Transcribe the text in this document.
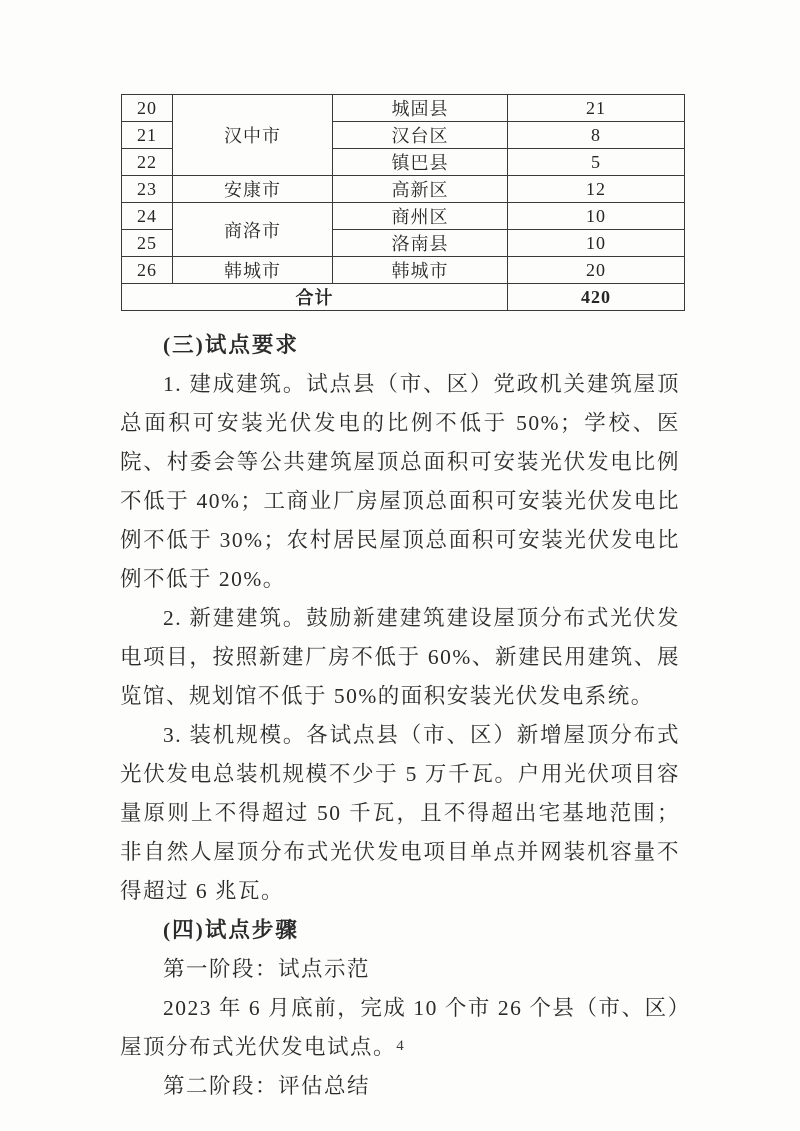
20	汉中市	城固县	21
21		汉台区	8
22		镇巴县	5
23	安康市	高新区	12
24	商洛市	商州区	10
25		洛南县	10
26	韩城市	韩城市	20
合计			420
(三)试点要求

1. 建成建筑。试点县（市、区）党政机关建筑屋顶总面积可安装光伏发电的比例不低于 50%；学校、医院、村委会等公共建筑屋顶总面积可安装光伏发电比例不低于 40%；工商业厂房屋顶总面积可安装光伏发电比例不低于 30%；农村居民屋顶总面积可安装光伏发电比例不低于 20%。

2. 新建建筑。鼓励新建建筑建设屋顶分布式光伏发电项目，按照新建厂房不低于 60%、新建民用建筑、展览馆、规划馆不低于 50%的面积安装光伏发电系统。

3. 装机规模。各试点县（市、区）新增屋顶分布式光伏发电总装机规模不少于 5 万千瓦。户用光伏项目容量原则上不得超过 50 千瓦，且不得超出宅基地范围；非自然人屋顶分布式光伏发电项目单点并网装机容量不得超过 6 兆瓦。

(四)试点步骤

第一阶段：试点示范

2023 年 6 月底前，完成 10 个市 26 个县（市、区）屋顶分布式光伏发电试点。

第二阶段：评估总结

4
